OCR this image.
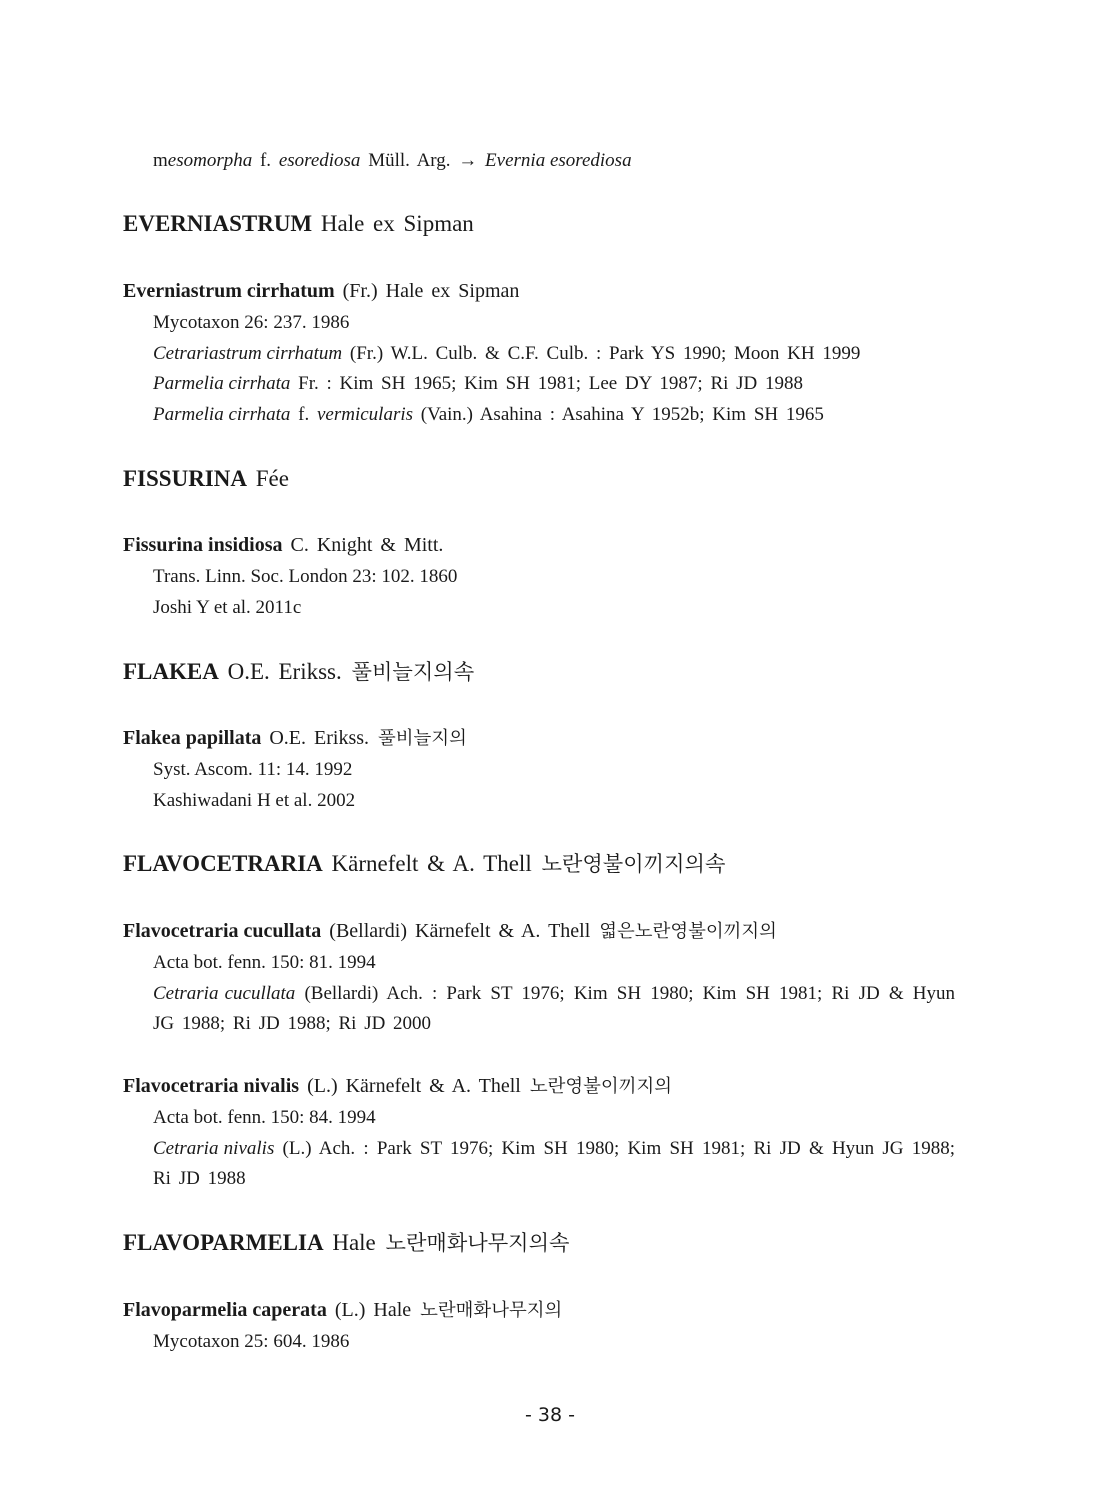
mesomorpha f. esorediosa Müll. Arg. → Evernia esorediosa
EVERNIASTRUM Hale ex Sipman
Everniastrum cirrhatum (Fr.) Hale ex Sipman
Mycotaxon 26: 237. 1986
Cetrariastrum cirrhatum (Fr.) W.L. Culb. & C.F. Culb. : Park YS 1990; Moon KH 1999
Parmelia cirrhata Fr. : Kim SH 1965; Kim SH 1981; Lee DY 1987; Ri JD 1988
Parmelia cirrhata f. vermicularis (Vain.) Asahina : Asahina Y 1952b; Kim SH 1965
FISSURINA Fée
Fissurina insidiosa C. Knight & Mitt.
Trans. Linn. Soc. London 23: 102. 1860
Joshi Y et al. 2011c
FLAKEA O.E. Erikss. 풀비늘지의속
Flakea papillata O.E. Erikss. 풀비늘지의
Syst. Ascom. 11: 14. 1992
Kashiwadani H et al. 2002
FLAVOCETRARIA Kärnefelt & A. Thell 노란영불이끼지의속
Flavocetraria cucullata (Bellardi) Kärnefelt & A. Thell 엷은노란영불이끼지의
Acta bot. fenn. 150: 81. 1994
Cetraria cucullata (Bellardi) Ach. : Park ST 1976; Kim SH 1980; Kim SH 1981; Ri JD & Hyun JG 1988; Ri JD 1988; Ri JD 2000
Flavocetraria nivalis (L.) Kärnefelt & A. Thell 노란영불이끼지의
Acta bot. fenn. 150: 84. 1994
Cetraria nivalis (L.) Ach. : Park ST 1976; Kim SH 1980; Kim SH 1981; Ri JD & Hyun JG 1988; Ri JD 1988
FLAVOPARMELIA Hale 노란매화나무지의속
Flavoparmelia caperata (L.) Hale 노란매화나무지의
Mycotaxon 25: 604. 1986
- 38 -
